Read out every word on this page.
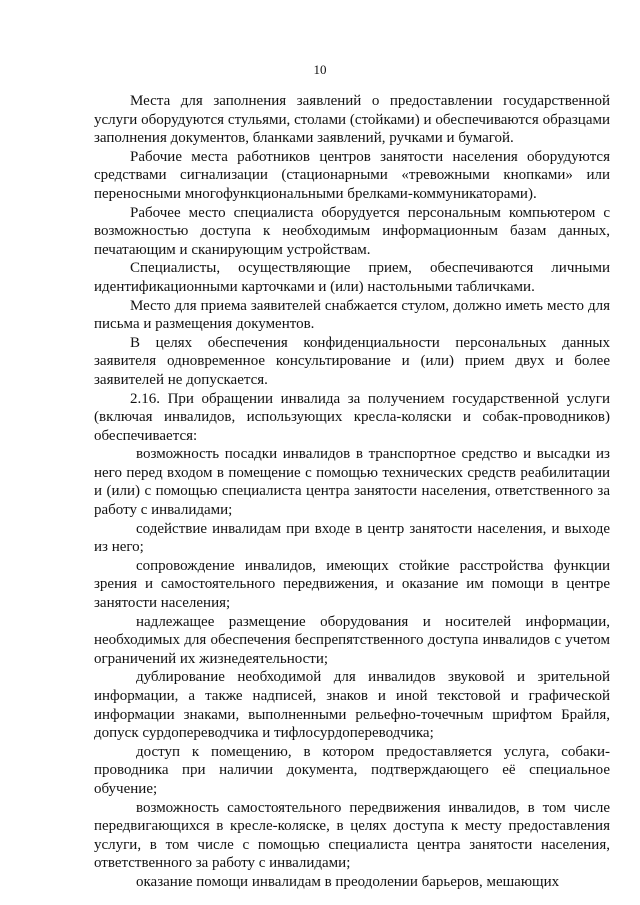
10

Места для заполнения заявлений о предоставлении государственной услуги оборудуются стульями, столами (стойками) и обеспечиваются образцами заполнения документов, бланками заявлений, ручками и бумагой.

Рабочие места работников центров занятости населения оборудуются средствами сигнализации (стационарными «тревожными кнопками» или переносными многофункциональными брелками-коммуникаторами).

Рабочее место специалиста оборудуется персональным компьютером с возможностью доступа к необходимым информационным базам данных, печатающим и сканирующим устройствам.

Специалисты, осуществляющие прием, обеспечиваются личными идентификационными карточками и (или) настольными табличками.

Место для приема заявителей снабжается стулом, должно иметь место для письма и размещения документов.

В целях обеспечения конфиденциальности персональных данных заявителя одновременное консультирование и (или) прием двух и более заявителей не допускается.

2.16. При обращении инвалида за получением государственной услуги (включая инвалидов, использующих кресла-коляски и собак-проводников) обеспечивается:

возможность посадки инвалидов в транспортное средство и высадки из него перед входом в помещение с помощью технических средств реабилитации и (или) с помощью специалиста центра занятости населения, ответственного за работу с инвалидами;

содействие инвалидам при входе в центр занятости населения, и выходе из него;

сопровождение инвалидов, имеющих стойкие расстройства функции зрения и самостоятельного передвижения, и оказание им помощи в центре занятости населения;

надлежащее размещение оборудования и носителей информации, необходимых для обеспечения беспрепятственного доступа инвалидов с учетом ограничений их жизнедеятельности;

дублирование необходимой для инвалидов звуковой и зрительной информации, а также надписей, знаков и иной текстовой и графической информации знаками, выполненными рельефно-точечным шрифтом Брайля, допуск сурдопереводчика и тифлосурдопереводчика;

доступ к помещению, в котором предоставляется услуга, собаки-проводника при наличии документа, подтверждающего её специальное обучение;

возможность самостоятельного передвижения инвалидов, в том числе передвигающихся в кресле-коляске, в целях доступа к месту предоставления услуги, в том числе с помощью специалиста центра занятости населения, ответственного за работу с инвалидами;

оказание помощи инвалидам в преодолении барьеров, мешающих
